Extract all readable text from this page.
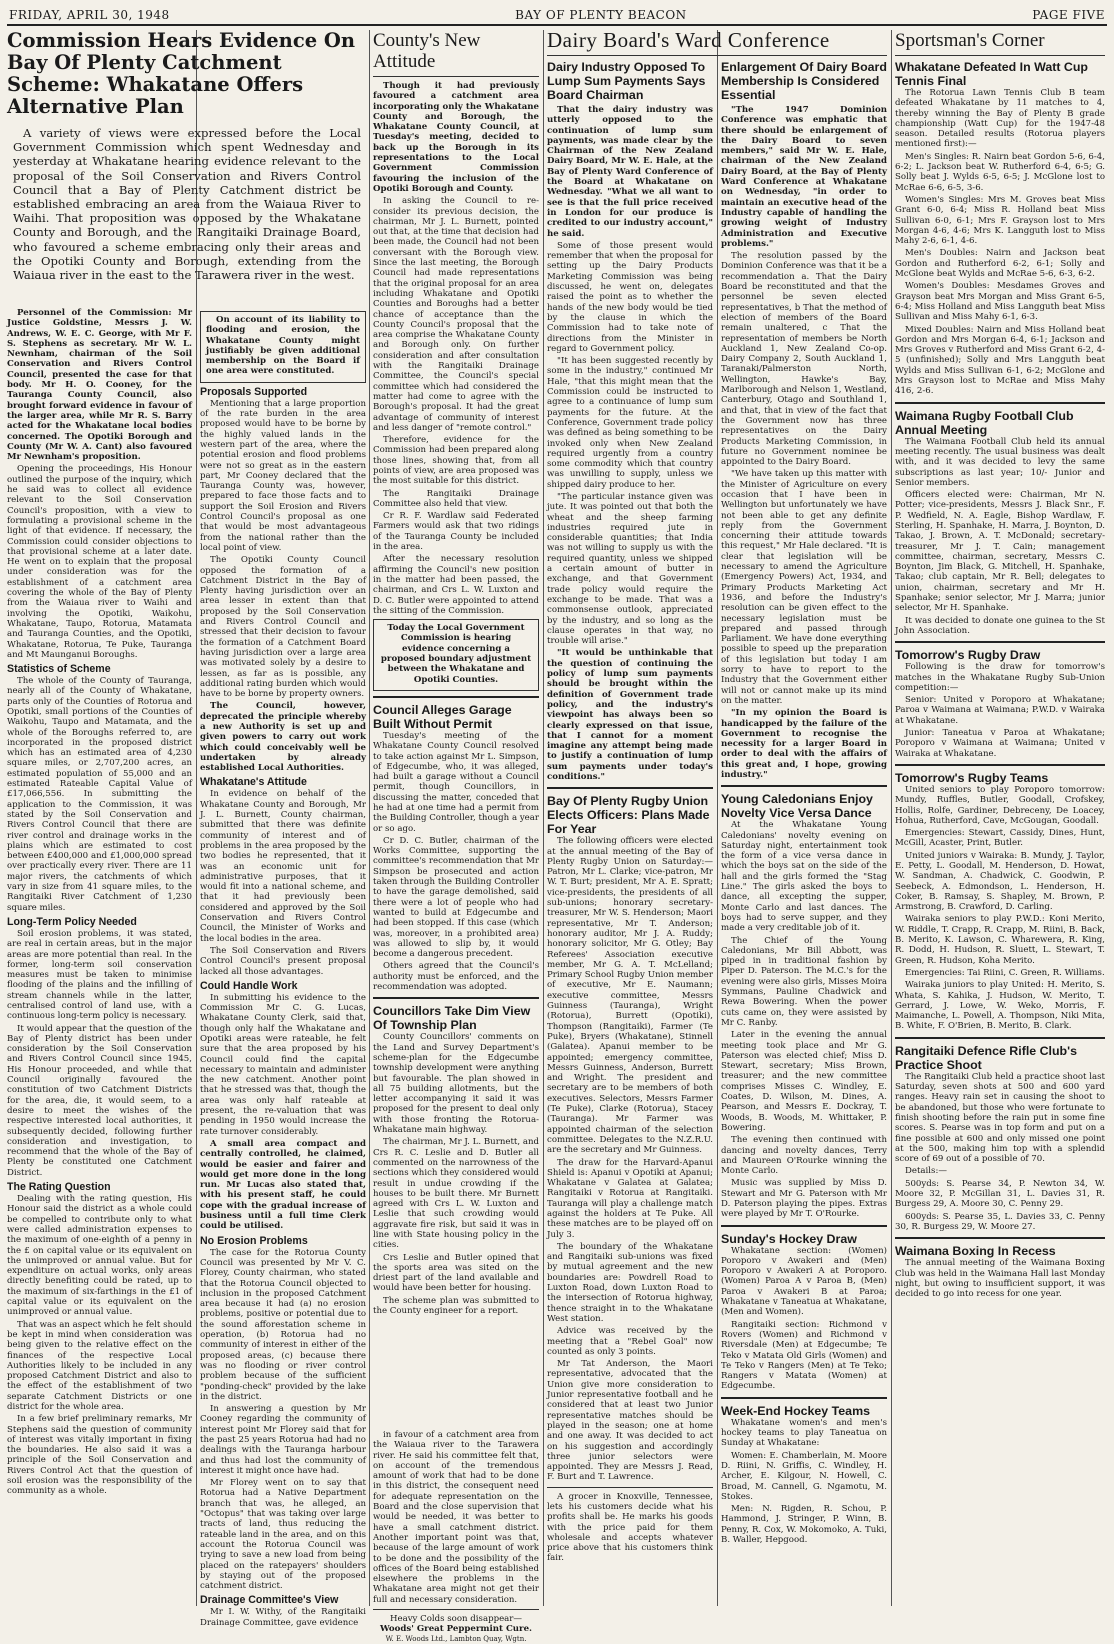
FRIDAY, APRIL 30, 1948	BAY OF PLENTY BEACON	PAGE FIVE
Commission Hears Evidence On Bay Of Plenty Catchment Scheme: Whakatane Offers Alternative Plan

A variety of views were expressed before the Local Government Commission which spent Wednesday and yesterday at Whakatane hearing evidence relevant to the proposal of the Soil Conservation and Rivers Control Council that a Bay of Plenty Catchment district be established embracing an area from the Waiaua River to Waihi. That proposition was opposed by the Whakatane County and Borough, and the Rangitaiki Drainage Board, who favoured a scheme embracing only their areas and the Opotiki County and Borough, extending from the Waiaua river in the east to the Tarawera river in the west.

Personnel of the Commission: Mr Justice Goldstine, Messrs J. W. Andrews, W. E. C. George, with Mr F. S. Stephens as secretary. Mr W. L. Newnham, chairman of the Soil Conservation and Rivers Control Council, presented the case for that body. Mr H. O. Cooney, for the Tauranga County Council, also brought forward evidence in favour of the larger area, while Mr R. S. Barry acted for the Whakatane local bodies concerned. The Opotiki Borough and County (Mr W. A. Cant) also favoured Mr Newnham's proposition.

Opening the proceedings, His Honour outlined the purpose of the inquiry, which he said was to collect all evidence relevant to the Soil Conservation Council's proposition, with a view to formulating a provisional scheme in the light of that evidence. If necessary, the Commission could consider objections to that provisional scheme at a later date. He went on to explain that the proposal under consideration was for the establishment of a catchment area covering the whole of the Bay of Plenty from the Waiaua river to Waihi and involving the Opotiki, Waikohu, Whakatane, Taupo, Rotorua, Matamata and Tauranga Counties, and the Opotiki, Whakatane, Rotorua, Te Puke, Tauranga and Mt Maunganui Boroughs.

Statistics of Scheme

The whole of the County of Tauranga, nearly all of the County of Whakatane, parts only of the Counties of Rotorua and Opotiki, small portions of the Counties of Waikohu, Taupo and Matamata, and the whole of the Boroughs referred to, are incorporated in the proposed district which has an estimated area of 4,230 square miles, or 2,707,200 acres, an estimated population of 55,000 and an estimated Rateable Capital Value of £17,066,556. In submitting the application to the Commission, it was stated by the Soil Conservation and Rivers Control Council that there are river control and drainage works in the plains which are estimated to cost between £400,000 and £1,000,000 spread over practically every river. There are 11 major rivers, the catchments of which vary in size from 41 square miles, to the Rangitaiki River Catchment of 1,230 square miles.

Long-Term Policy Needed

Soil erosion problems, it was stated, are real in certain areas, but in the major areas are more potential than real. In the former, long-term soil conservation measures must be taken to minimise flooding of the plains and the infilling of stream channels while in the latter, centralised control of land use, with a continuous long-term policy is necessary.

It would appear that the question of the Bay of Plenty district has been under consideration by the Soil Conservation and Rivers Control Council since 1945, His Honour proceeded, and while that Council originally favoured the constitution of two Catchment Districts for the area, die, it would seem, to a desire to meet the wishes of the respective interested local authorities, it subsequently decided, following further consideration and investigation, to recommend that the whole of the Bay of Plenty be constituted one Catchment District.

The Rating Question

Dealing with the rating question, His Honour said the district as a whole could be compelled to contribute only to what were called administration expenses to the maximum of one-eighth of a penny in the £ on capital value or its equivalent on the unimproved or annual value. But for expenditure on actual works, only areas directly benefiting could be rated, up to the maximum of six-farthings in the £1 of capital value or its equivalent on the unimproved or annual value.

That was an aspect which he felt should be kept in mind when consideration was being given to the relative effect on the finances of the respective Local Authorities likely to be included in any proposed Catchment District and also to the effect of the establishment of two separate Catchment Districts or one district for the whole area.

In a few brief preliminary remarks, Mr Stephens said the question of community of interest was vitally important in fixing the boundaries. He also said it was a principle of the Soil Conservation and Rivers Control Act that the question of soil erosion was the responsibility of the community as a whole.

On account of its liability to flooding and erosion, the Whakatane County might justifiably be given additional membership on the Board if one area were constituted.

Proposals Supported

Mentioning that a large proportion of the rate burden in the area proposed would have to be borne by the highly valued lands in the western part of the area, where the potential erosion and flood problems were not so great as in the eastern part, Mr Cooney declared that the Tauranga County was, however, prepared to face those facts and to support the Soil Erosion and Rivers Control Council's proposal as one that would be most advantageous from the national rather than the local point of view.

The Opotiki County Council opposed the formation of a Catchment District in the Bay of Plenty having jurisdiction over an area lesser in extent than that proposed by the Soil Conservation and Rivers Control Council and stressed that their decision to favour the formation of a Catchment Board having jurisdiction over a large area was motivated solely by a desire to lessen, as far as is possible, any additional rating burden which would have to be borne by property owners.

The Council, however, deprecated the principle whereby a new Authority is set up and given powers to carry out work which could conceivably well be undertaken by already established Local Authorities.

Whakatane's Attitude

In evidence on behalf of the Whakatane County and Borough, Mr J. L. Burnett, County chairman, submitted that there was definite community of interest and of problems in the area proposed by the two bodies he represented, that it was an economic unit for administrative purposes, that it would fit into a national scheme, and that it had previously been considered and approved by the Soil Conservation and Rivers Control Council, the Minister of Works and the local bodies in the area.

The Soil Conservation and Rivers Control Council's present proposal lacked all those advantages.

Could Handle Work

In submitting his evidence to the Commission Mr C. G. Lucas, Whakatane County Clerk, said that, though only half the Whakatane and Opotiki areas were rateable, he felt sure that the area proposed by his Council could find the capital necessary to maintain and administer the new catchment. Another point that he stressed was that, though the area was only half rateable at present, the re-valuation that was pending in 1950 would increase the rate turnover considerably.

A small area compact and centrally controlled, he claimed, would be easier and fairer and would get more done in the long run. Mr Lucas also stated that, with his present staff, he could cope with the gradual increase of business until a full time Clerk could be utilised.

No Erosion Problems

The case for the Rotorua County Council was presented by Mr V. C. Florey, County chairman, who stated that the Rotorua Council objected to inclusion in the proposed Catchment area because it had (a) no erosion problems, positive or potential due to the sound afforestation scheme in operation, (b) Rotorua had no community of interest in either of the proposed areas, (c) because there was no flooding or river control problem because of the sufficient "ponding-check" provided by the lake in the district.

In answering a question by Mr Cooney regarding the community of interest point Mr Florey said that for the past 25 years Rotorua had had no dealings with the Tauranga harbour and thus had lost the community of interest it might once have had.

Mr Florey went on to say that Rotorua had a Native Department branch that was, he alleged, an "Octopus" that was taking over large tracts of land, thus reducing the rateable land in the area, and on this account the Rotorua Council was trying to save a new load from being placed on the ratepayers' shoulders by staying out of the proposed catchment district.

Drainage Committee's View

Mr I. W. Withy, of the Rangitaiki Drainage Committee, gave evidence

County's New Attitude

Though it had previously favoured a catchment area incorporating only the Whakatane County and Borough, the Whakatane County Council, at Tuesday's meeting, decided to back up the Borough in its representations to the Local Government Commission favouring the inclusion of the Opotiki Borough and County.

In asking the Council to re-consider its previous decision, the chairman, Mr J. L. Burnett, pointed out that, at the time that decision had been made, the Council had not been conversant with the Borough view. Since the last meeting, the Borough Council had made representations that the original proposal for an area including Whakatane and Opotiki Counties and Boroughs had a better chance of acceptance than the County Council's proposal that the area comprise the Whakatane County and Borough only. On further consideration and after consultation with the Rangitaiki Drainage Committee, the Council's special committee which had considered the matter had come to agree with the Borough's proposal. It had the great advantage of community of interest and less danger of "remote control."

Therefore, evidence for the Commission had been prepared along those lines, showing that, from all points of view, are area proposed was the most suitable for this district.

The Rangitaiki Drainage Committee also held that view.

Cr R. F. Wardlaw said Federated Farmers would ask that two ridings of the Tauranga County be included in the area.

After the necessary resolution affirming the Council's new position in the matter had been passed, the chairman, and Crs L. W. Luxton and D. C. Butler were appointed to attend the sitting of the Commission.

Today the Local Government Commission is hearing evidence concerning a proposed boundary adjustment between the Whakatane and Opotiki Counties.

Council Alleges Garage Built Without Permit

Tuesday's meeting of the Whakatane County Council resolved to take action against Mr L. Simpson, of Edgecumbe, who, it was alleged, had built a garage without a Council permit, though Councillors, in discussing the matter, conceded that he had at one time had a permit from the Building Controller, though a year or so ago.

Cr D. C. Butler, chairman of the Works Committee, supporting the committee's recommendation that Mr Simpson be prosecuted and action taken through the Building Controller to have the garage demolished, said there were a lot of people who had wanted to build at Edgecumbe and had been stopped. If this case (which was, moreover, in a prohibited area) was allowed to slip by, it would become a dangerous precedent.

Others agreed that the Council's authority must be enforced, and the recommendation was adopted.

Councillors Take Dim View Of Township Plan

County Councillors' comments on the Land and Survey Department's scheme-plan for the Edgecumbe township development were anything but favourable. The plan showed in all 75 building allotments, but the letter accompanying it said it was proposed for the present to deal only with those fronting the Rotorua-Whakatane main highway.

The chairman, Mr J. L. Burnett, and Crs R. C. Leslie and D. Butler all commented on the narrowness of the sections which they considered would result in undue crowding if the houses to be built there. Mr Burnett agreed with Crs L. W. Luxton and Leslie that such crowding would aggravate fire risk, but said it was in line with State housing policy in the cities.

Crs Leslie and Butler opined that the sports area was sited on the driest part of the land available and would have been better for housing.

The scheme plan was submitted to the County engineer for a report.

in favour of a catchment area from the Waiaua river to the Tarawera river. He said his committee felt that, on account of the tremendous amount of work that had to be done in this district, the consequent need for adequate representation on the Board and the close supervision that would be needed, it was better to have a small catchment district. Another important point was that, because of the large amount of work to be done and the possibility of the offices of the Board being established elsewhere the problems in the Whakatane area might not get their full and necessary consideration.

Heavy Colds soon disappear—
Woods' Great Peppermint Cure.
W. E. Woods Ltd., Lambton Quay, Wgtn.
Dairy Board's Ward Conference
Dairy Industry Opposed To Lump Sum Payments Says Board Chairman

That the dairy industry was utterly opposed to the continuation of lump sum payments, was made clear by the Chairman of the New Zealand Dairy Board, Mr W. E. Hale, at the Bay of Plenty Ward Conference of the Board at Whakatane on Wednesday. "What we all want to see is that the full price received in London for our produce is credited to our industry account," he said.

Some of those present would remember that when the proposal for setting up the Dairy Products Marketing Commission was being discussed, he went on, delegates raised the point as to whether the hands of the new body would be tied by the clause in which the Commission had to take note of directions from the Minister in regard to Government policy.

"It has been suggested recently by some in the industry," continued Mr Hale, "that this might mean that the Commission could be instructed to agree to a continuance of lump sum payments for the future. At the Conference, Government trade policy was defined as being something to be invoked only when New Zealand required urgently from a country some commodity which that country was unwilling to supply, unless we shipped dairy produce to her.

"The particular instance given was jute. It was pointed out that both the wheat and the sheep farming industries required jute in considerable quantities; that India was not willing to supply us with the required quantity, unless we shipped a certain amount of butter in exchange, and that Government trade policy would require the exchange to be made. That was a commonsense outlook, appreciated by the industry, and so long as the clause operates in that way, no trouble will arise."

"It would be unthinkable that the question of continuing the policy of lump sum payments should be brought within the definition of Government trade policy, and the industry's viewpoint has always been so clearly expressed on that issue, that I cannot for a moment imagine any attempt being made to justify a continuation of lump sum payments under today's conditions."

Bay Of Plenty Rugby Union Elects Officers: Plans Made For Year

The following officers were elected at the annual meeting of the Bay of Plenty Rugby Union on Saturday:—Patron, Mr L. Clarke; vice-patron, Mr W. T. Burt; president, Mr A. E. Spratt; vice-presidents, the presidents of all sub-unions; honorary secretary-treasurer, Mr W. S. Henderson; Maori representative, Mr T. Anderson; honorary auditor, Mr J. A. Ruddy; honorary solicitor, Mr G. Otley; Bay Referees' Association executive member, Mr G. A. T. McLelland; Primary School Rugby Union member of executive, Mr E. Naumann; executive committee, Messrs Guinness (Tauranga), Wright (Rotorua), Burrett (Opotiki), Thompson (Rangitaiki), Farmer (Te Puke), Bryers (Whakatane), Stinnell (Galatea). Apanui member to be appointed; emergency committee, Messrs Guinness, Anderson, Burrett and Wright. The president and secretary are to be members of both executives. Selectors, Messrs Farmer (Te Puke), Clarke (Rotorua), Stacey (Tauranga). Mr Farmer was appointed chairman of the selection committee. Delegates to the N.Z.R.U. are the secretary and Mr Guinness.

The draw for the Harvard-Apanui Shield is: Apanui v Opotiki at Apanui; Whakatane v Galatea at Galatea; Rangitaiki v Rotorua at Rangitaiki. Tauranga will play a challenge match against the holders at Te Puke. All these matches are to be played off on July 3.

The boundary of the Whakatane and Rangitaiki sub-unions was fixed by mutual agreement and the new boundaries are: Powdrell Road to Luxton Road, down Luxton Road to the intersection of Rotorua highway, thence straight in to the Whakatane West station.

Advice was received by the meeting that a "Rebel Goal" now counted as only 3 points.

Mr Tat Anderson, the Maori representative, advocated that the Union give more consideration to Junior representative football and he considered that at least two Junior representative matches should be played in the season; one at home and one away. It was decided to act on his suggestion and accordingly three junior selectors were appointed. They are Messrs J. Read, F. Burt and T. Lawrence.

A grocer in Knoxville, Tennessee, lets his customers decide what his profits shall be. He marks his goods with the price paid for them wholesale and accepts whatever price above that his customers think fair.

Enlargement Of Dairy Board Membership Is Considered Essential

"The 1947 Dominion Conference was emphatic that there should be enlargement of the Dairy Board to seven members," said Mr W. E. Hale, chairman of the New Zealand Dairy Board, at the Bay of Plenty Ward Conference at Whakatane on Wednesday, "in order to maintain an executive head of the Industry capable of handling the growing weight of Industry Administration and Executive problems."

The resolution passed by the Dominion Conference was that it be a recommendation a. That the Dairy Board be reconstituted and that the personnel be seven elected representatives, b That the method of election of members of the Board remain unaltered, c That the representation of members be North Auckland 1, New Zealand Co-op. Dairy Company 2, South Auckland 1, Taranaki/Palmerston North, Wellington, Hawke's Bay, Marlborough and Nelson 1, Westland, Canterbury, Otago and Southland 1, and that, that in view of the fact that the Government now has three representatives on the Dairy Products Marketing Commission, in future no Government nominee be appointed to the Dairy Board.

"We have taken up this matter with the Minister of Agriculture on every occasion that I have been in Wellington but unfortunately we have not been able to get any definite reply from the Government concerning their attitude towards this request," Mr Hale declared. "It is clear that legislation will be necessary to amend the Agriculture (Emergency Powers) Act, 1934, and Primary Products Marketing Act 1936, and before the Industry's resolution can be given effect to the necessary legislation must be prepared and passed through Parliament. We have done everything possible to speed up the preparation of this legislation but today I am sorry to have to report to the Industry that the Government either will not or cannot make up its mind on the matter.

"In my opinion the Board is handicapped by the failure of the Government to recognise the necessity for a larger Board in order to deal with the affairs of this great and, I hope, growing industry."

Young Caledonians Enjoy Novelty Vice Versa Dance

At the Whakatane Young Caledonians' novelty evening on Saturday night, entertainment took the form of a vice versa dance in which the boys sat on the side of the hall and the girls formed the "Stag Line." The girls asked the boys to dance, all excepting the supper, Monte Carlo and last dances. The boys had to serve supper, and they made a very creditable job of it.

The Chief of the Young Caledonians, Mr Bill Abbott, was piped in in traditional fashion by Piper D. Paterson. The M.C.'s for the evening were also girls, Misses Moira Symmans, Pauline Chadwick and Rewa Bowering. When the power cuts came on, they were assisted by Mr C. Ranby.

Later in the evening the annual meeting took place and Mr G. Paterson was elected chief; Miss D. Stewart, secretary; Miss Brown, treasurer; and the new committee comprises Misses C. Windley, E. Coates, D. Wilson, M. Dines, A. Pearson, and Messrs E. Dockray, T. Woods, B. Woods, M. Whittaker, P. Bowering.

The evening then continued with dancing and novelty dances, Terry and Maureen O'Rourke winning the Monte Carlo.

Music was supplied by Miss D. Stewart and Mr G. Paterson with Mr D. Paterson playing the pipes. Extras were played by Mr T. O'Rourke.

Sunday's Hockey Draw

Whakatane section: (Women) Poroporo v Awakeri and (Men) Poroporo v Awakeri A at Poroporo. (Women) Paroa A v Paroa B, (Men) Paroa v Awakeri B at Paroa; Whakatane v Taneatua at Whakatane, (Men and Women).

Rangitaiki section: Richmond v Rovers (Women) and Richmond v Riversdale (Men) at Edgecumbe; Te Teko v Matata Old Girls (Women) and Te Teko v Rangers (Men) at Te Teko; Rangers v Matata (Women) at Edgecumbe.

Week-End Hockey Teams

Whakatane women's and men's hockey teams to play Taneatua on Sunday at Whakatane:

Women: E. Chamberlain, M. Moore D. Riini, N. Griffis, C. Windley, H. Archer, E. Kilgour, N. Howell, C. Broad, M. Cannell, G. Ngamotu, M. Stokes.

Men: N. Rigden, R. Schou, P. Hammond, J. Stringer, P. Winn, B. Penny, R. Cox, W. Mokomoko, A. Tuki, B. Waller, Hepgood.

Sportsman's Corner
Whakatane Defeated In Watt Cup Tennis Final

The Rotorua Lawn Tennis Club B team defeated Whakatane by 11 matches to 4, thereby winning the Bay of Plenty B grade championship (Watt Cup) for the 1947-48 season. Detailed results (Rotorua players mentioned first):—

Men's Singles: R. Nairn beat Gordon 5-6, 6-4, 6-2; L. Jackson beat W. Rutherford 6-4, 6-5; G. Solly beat J. Wylds 6-5, 6-5; J. McGlone lost to McRae 6-6, 6-5, 3-6.

Women's Singles: Mrs M. Groves beat Miss Grant 6-0, 6-4; Miss R. Holland beat Miss Sullivan 6-0, 6-1; Mrs F. Grayson lost to Mrs Morgan 4-6, 4-6; Mrs K. Langguth lost to Miss Mahy 2-6, 6-1, 4-6.

Men's Doubles: Nairn and Jackson beat Gordon and Rutherford 6-2, 6-1; Solly and McGlone beat Wylds and McRae 5-6, 6-3, 6-2.

Women's Doubles: Mesdames Groves and Grayson beat Mrs Morgan and Miss Grant 6-5, 6-4; Miss Holland and Miss Langguth beat Miss Sullivan and Miss Mahy 6-1, 6-3.

Mixed Doubles: Nairn and Miss Holland beat Gordon and Mrs Morgan 6-4, 6-1; Jackson and Mrs Groves v Rutherford and Miss Grant 6-2, 4-5 (unfinished); Solly and Mrs Langguth beat Wylds and Miss Sullivan 6-1, 6-2; McGlone and Mrs Grayson lost to McRae and Miss Mahy 416, 2-6.

Waimana Rugby Football Club Annual Meeting

The Waimana Football Club held its annual meeting recently. The usual business was dealt with, and it was decided to levy the same subscriptions as last year; 10/- Junior and Senior members.

Officers elected were: Chairman, Mr N. Potter; vice-presidents, Messrs J. Black Snr., F. P. Wedfield, N. A. Eagle, Bishop Wardlaw, F. Sterling, H. Spanhake, H. Marra, J. Boynton, D. Takao, J. Brown, A. T. McDonald; secretary-treasurer, Mr J. T. Cain; management committee, chairman, secretary, Messrs C. Boynton, Jim Black, G. Mitchell, H. Spanhake, Takao; club captain, Mr R. Bell; delegates to union, chairman, secretary and Mr H. Spanhake; senior selector, Mr J. Marra; junior selector, Mr H. Spanhake.

It was decided to donate one guinea to the St John Association.

Tomorrow's Rugby Draw

Following is the draw for tomorrow's matches in the Whakatane Rugby Sub-Union competition:—

Senior: United v Poroporo at Whakatane; Paroa v Waimana at Waimana; P.W.D. v Wairaka at Whakatane.

Junior: Taneatua v Paroa at Whakatane; Poroporo v Waimana at Waimana; United v Wairaka at Whakatane.

Tomorrow's Rugby Teams

United seniors to play Poroporo tomorrow: Mundy, Ruffles, Butler, Goodall, Crofskey, Hollis, Rolfe, Gardiner, Debreceny, De Loacey, Hohua, Rutherford, Cave, McGougan, Goodall.

Emergencies: Stewart, Cassidy, Dines, Hunt, McGill, Acaster, Print, Butler.

United juniors v Wairaka: B. Mundy, J. Taylor, E. Petty, L. Goodall, M. Henderson, D. Howat, W. Sandman, A. Chadwick, C. Goodwin, P. Seebeck, A. Edmondson, L. Henderson, H. Coker, B. Ramsay, S. Shapley, M. Brown, P. Armstrong, B. Crawford, D. Carling.

Wairaka seniors to play P.W.D.: Koni Merito, W. Riddle, T. Crapp, R. Crapp, M. Riini, B. Back, B. Merito, K. Lawson, C. Wharewera, R. King, R. Dodd, H. Hudson, R. Sluett, L. Stewart, T. Green, R. Hudson, Koha Merito.

Emergencies: Tai Riini, C. Green, R. Williams.

Wairaka juniors to play United: H. Merito, S. Whata, S. Kahika, J. Hudson, W. Merito, T. Gerrard, J. Lowe, W. Weko, Morris, F. Maimanche, L. Powell, A. Thompson, Niki Mita, B. White, F. O'Brien, B. Merito, B. Clark.

Rangitaiki Defence Rifle Club's Practice Shoot

The Rangitaiki Club held a practice shoot last Saturday, seven shots at 500 and 600 yard ranges. Heavy rain set in causing the shoot to be abandoned, but those who were fortunate to finish shooting before the rain put in some fine scores. S. Pearse was in top form and put on a fine possible at 600 and only missed one point at the 500, making him top with a splendid score of 69 out of a possible of 70.

Details:—

500yds: S. Pearse 34, P. Newton 34, W. Moore 32, P. McGillan 31, L. Davies 31, R. Burgess 29, A. Moore 30, C. Penny 29.

600yds: S. Pearse 35, L. Davies 33, C. Penny 30, R. Burgess 29, W. Moore 27.

Waimana Boxing In Recess

The annual meeting of the Waimana Boxing Club was held in the Waimana Hall last Monday night, but owing to insufficient support, it was decided to go into recess for one year.
